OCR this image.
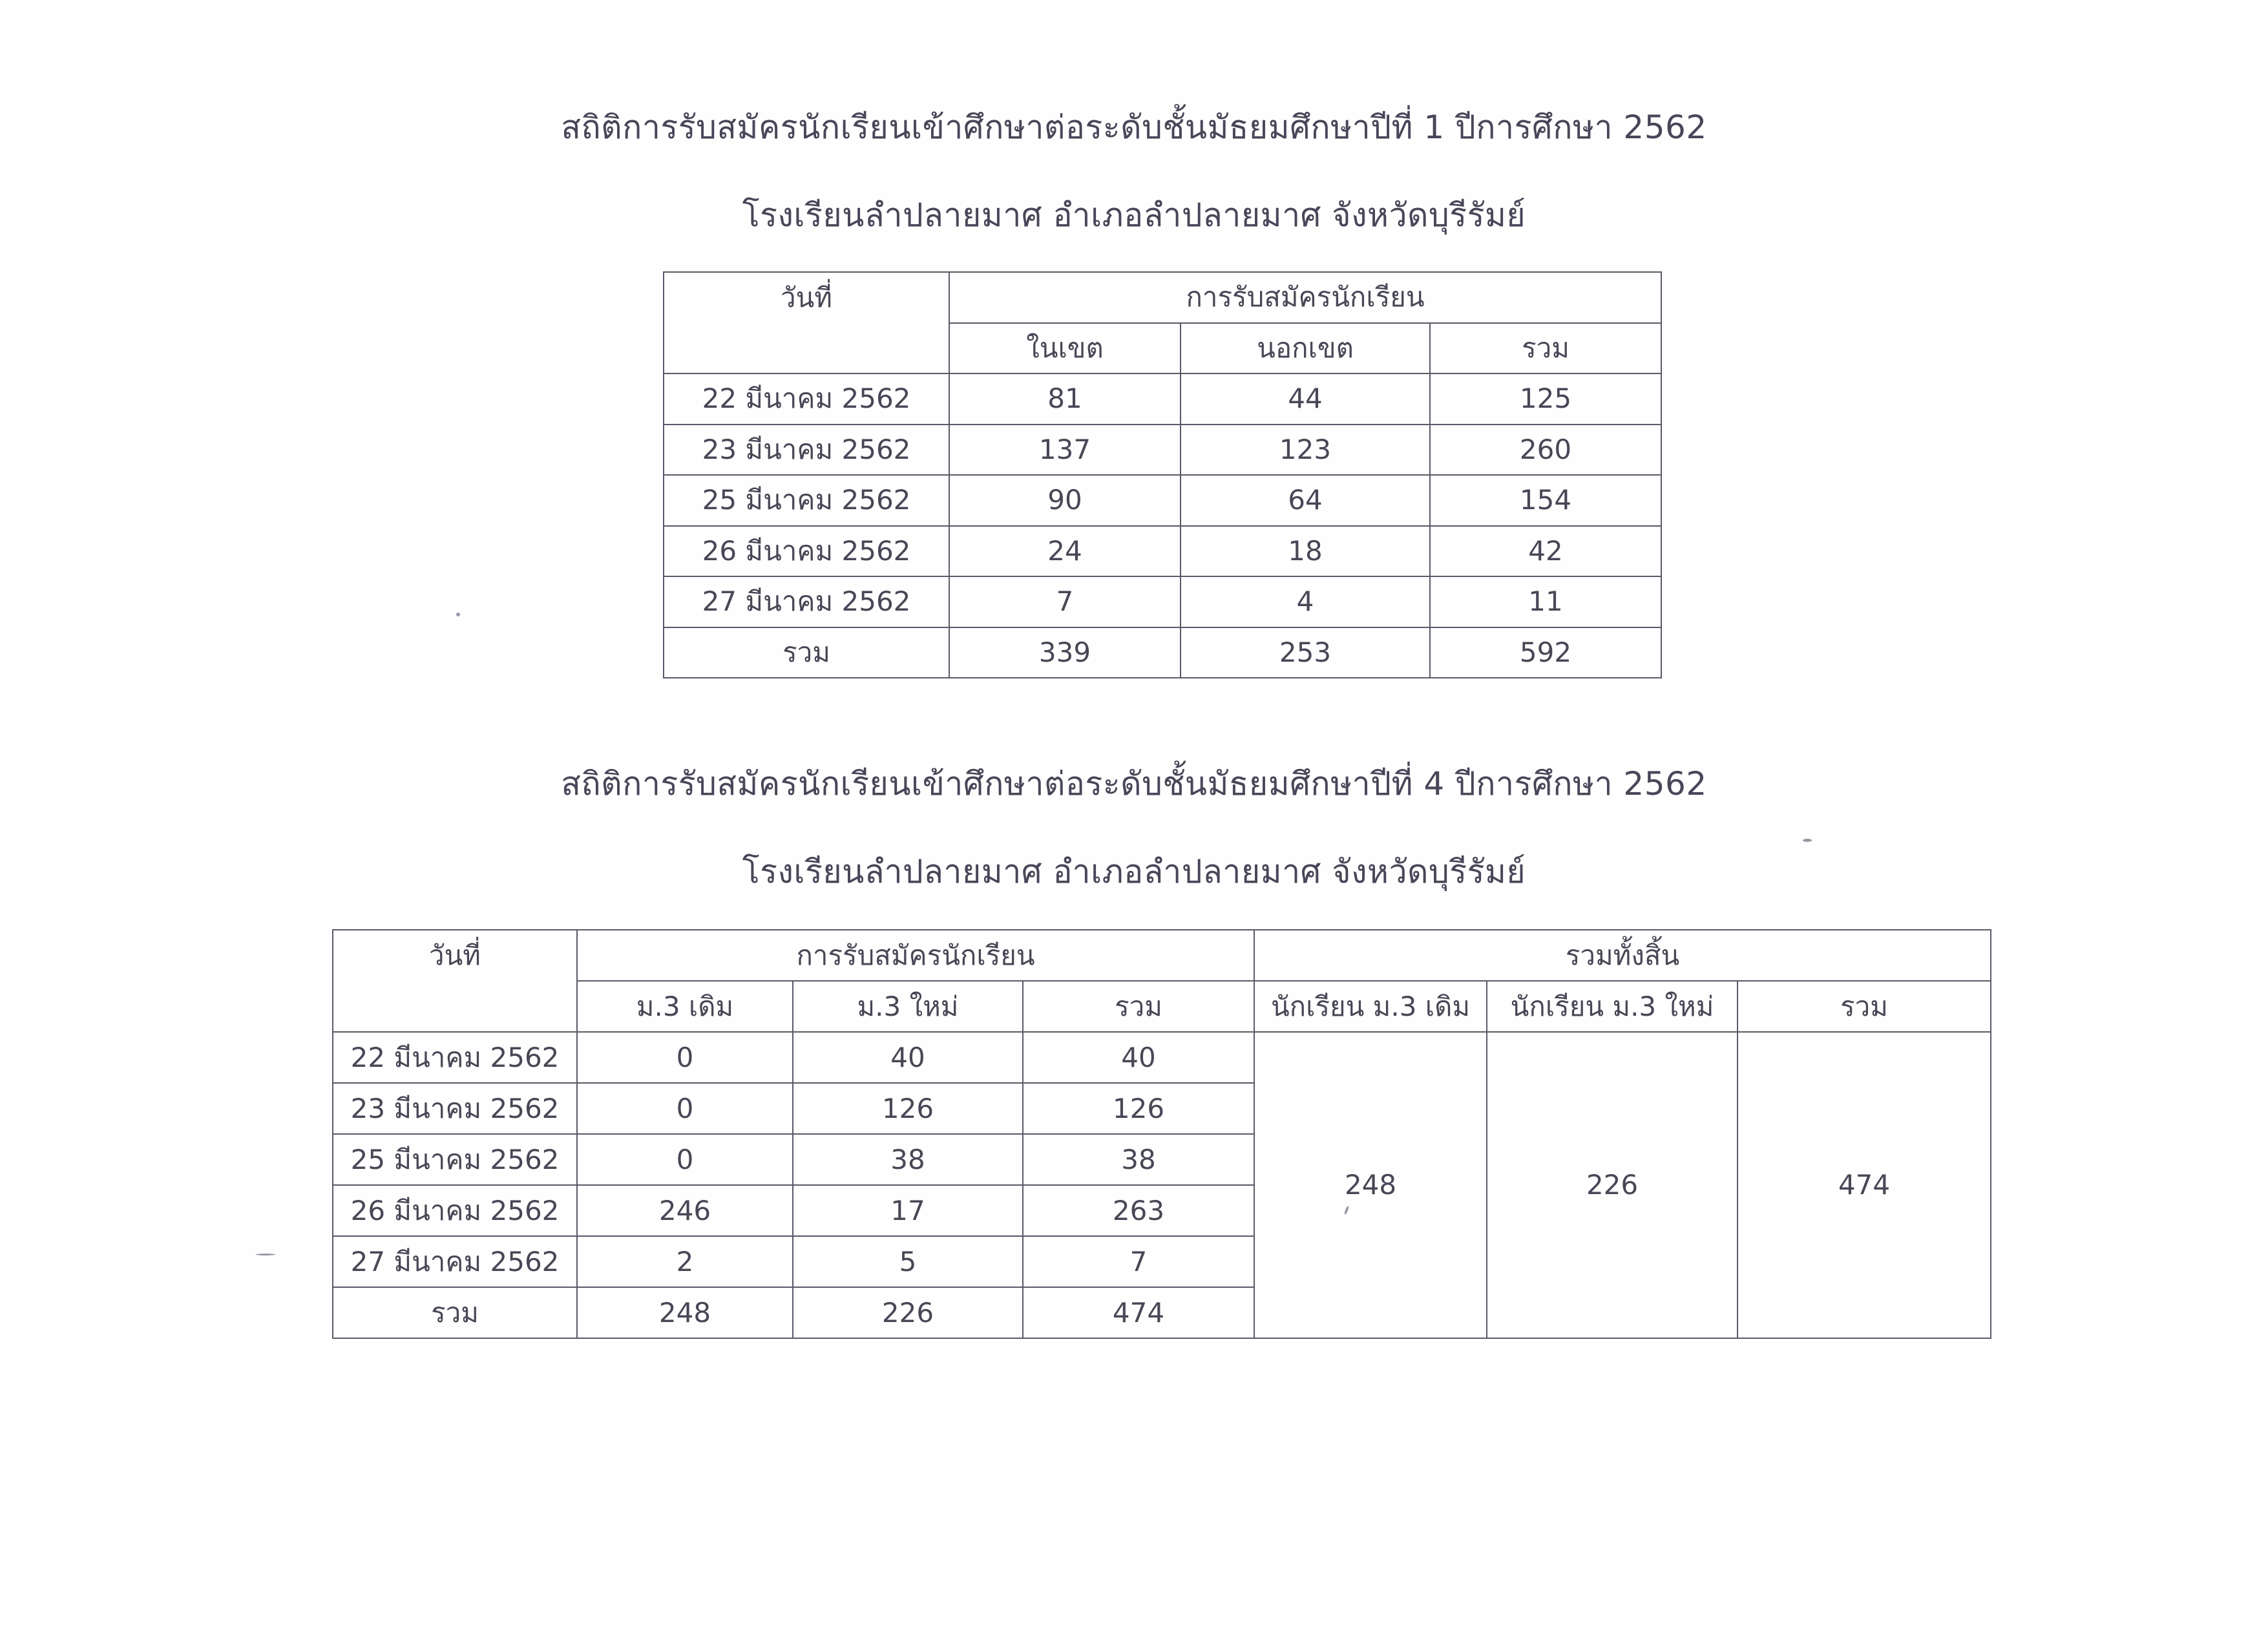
สถิติการรับสมัครนักเรียนเข้าศึกษาต่อระดับชั้นมัธยมศึกษาปีที่ 1 ปีการศึกษา 2562
โรงเรียนลำปลายมาศ อำเภอลำปลายมาศ จังหวัดบุรีรัมย์
วันที่	การรับสมัครนักเรียน		
	ในเขต	นอกเขต	รวม
22 มีนาคม 2562	81	44	125
23 มีนาคม 2562	137	123	260
25 มีนาคม 2562	90	64	154
26 มีนาคม 2562	24	18	42
27 มีนาคม 2562	7	4	11
รวม	339	253	592
สถิติการรับสมัครนักเรียนเข้าศึกษาต่อระดับชั้นมัธยมศึกษาปีที่ 4 ปีการศึกษา 2562
โรงเรียนลำปลายมาศ อำเภอลำปลายมาศ จังหวัดบุรีรัมย์
วันที่	การรับสมัครนักเรียน			รวมทั้งสิ้น		
	ม.3 เดิม	ม.3 ใหม่	รวม	นักเรียน ม.3 เดิม	นักเรียน ม.3 ใหม่	รวม
22 มีนาคม 2562	0	40	40	248	226	474
23 มีนาคม 2562	0	126	126			
25 มีนาคม 2562	0	38	38			
26 มีนาคม 2562	246	17	263			
27 มีนาคม 2562	2	5	7			
รวม	248	226	474			
